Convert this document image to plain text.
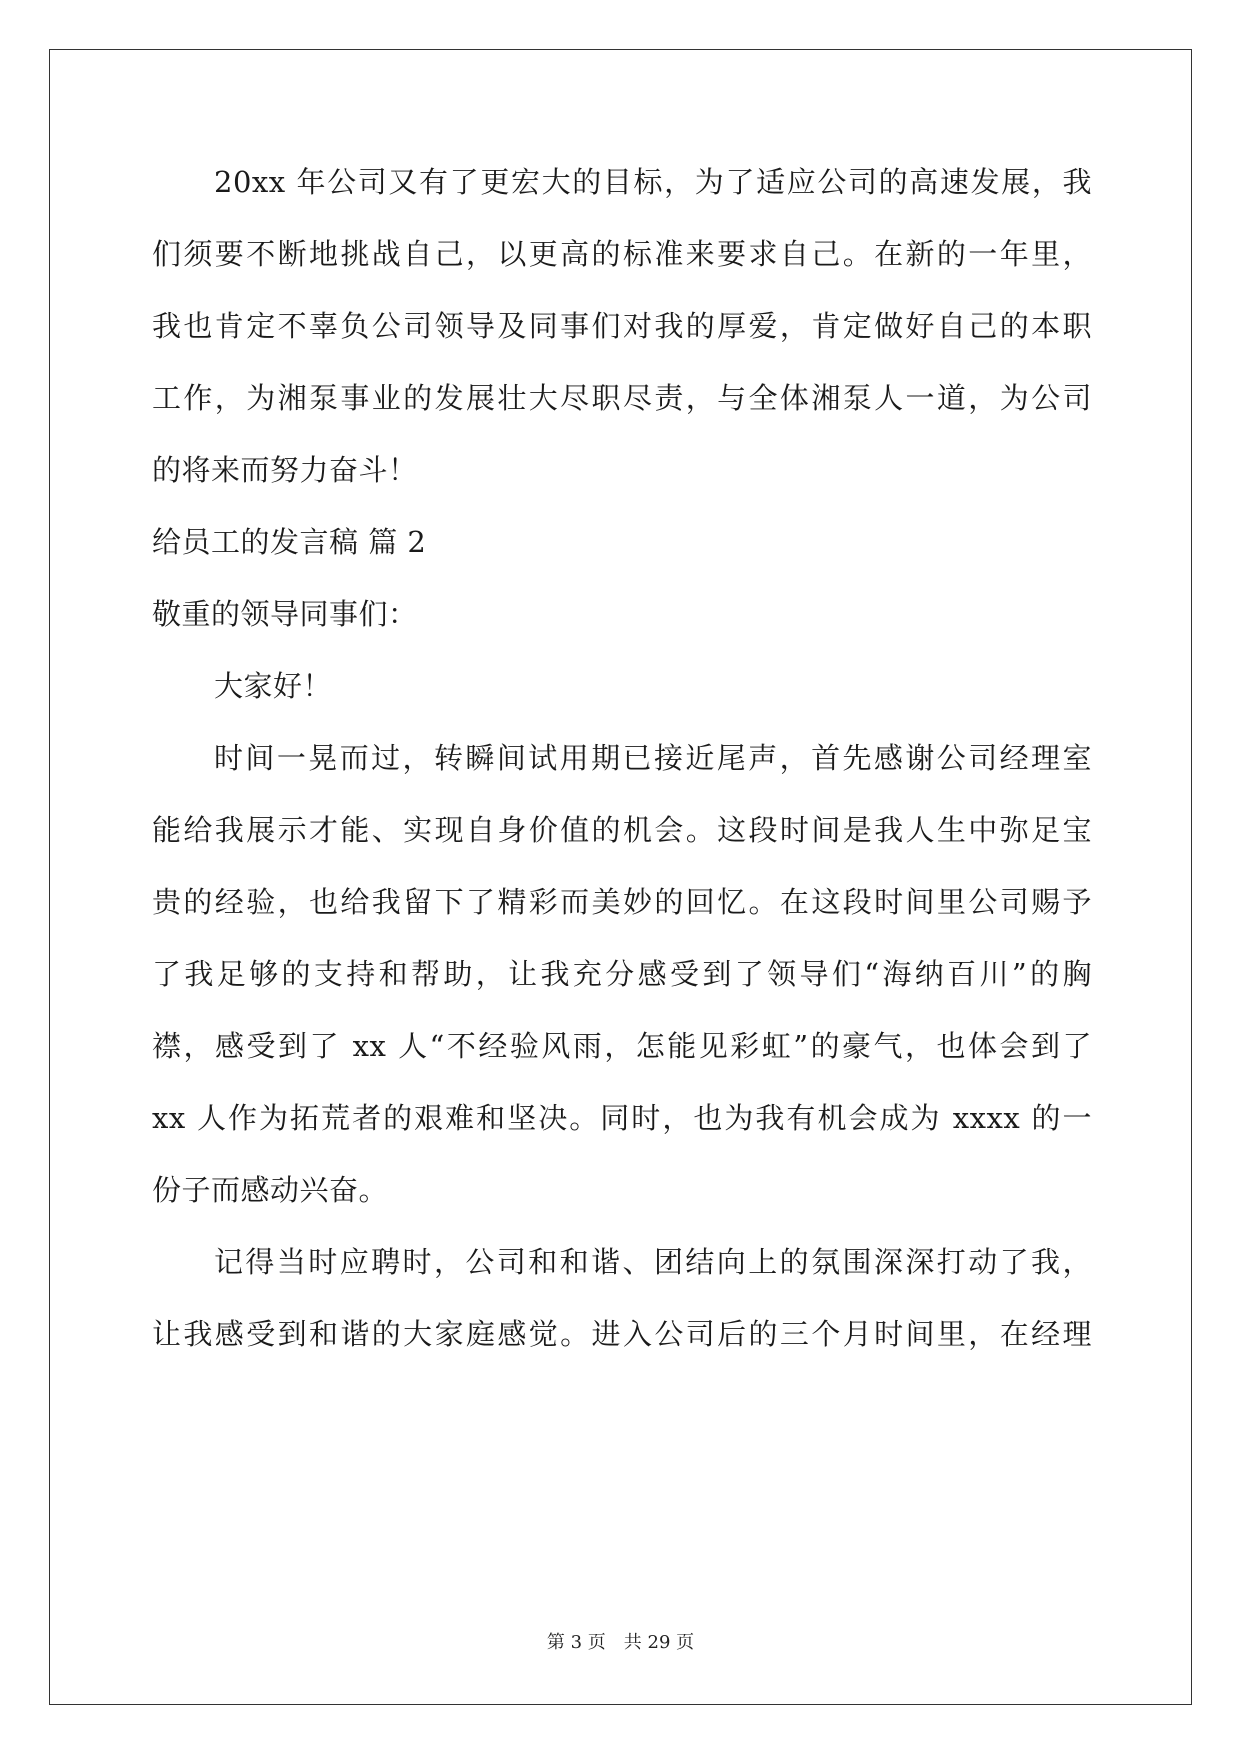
20xx 年公司又有了更宏大的目标，为了适应公司的高速发展，我
们须要不断地挑战自己，以更高的标准来要求自己。在新的一年里，
我也肯定不辜负公司领导及同事们对我的厚爱，肯定做好自己的本职
工作，为湘泵事业的发展壮大尽职尽责，与全体湘泵人一道，为公司
的将来而努力奋斗！
给员工的发言稿 篇 2
敬重的领导同事们：
大家好！
时间一晃而过，转瞬间试用期已接近尾声，首先感谢公司经理室
能给我展示才能、实现自身价值的机会。这段时间是我人生中弥足宝
贵的经验，也给我留下了精彩而美妙的回忆。在这段时间里公司赐予
了我足够的支持和帮助，让我充分感受到了领导们“海纳百川”的胸
襟，感受到了 xx 人“不经验风雨，怎能见彩虹”的豪气，也体会到了
xx 人作为拓荒者的艰难和坚决。同时，也为我有机会成为 xxxx 的一
份子而感动兴奋。
记得当时应聘时，公司和和谐、团结向上的氛围深深打动了我，
让我感受到和谐的大家庭感觉。进入公司后的三个月时间里，在经理
第 3 页 共 29 页
